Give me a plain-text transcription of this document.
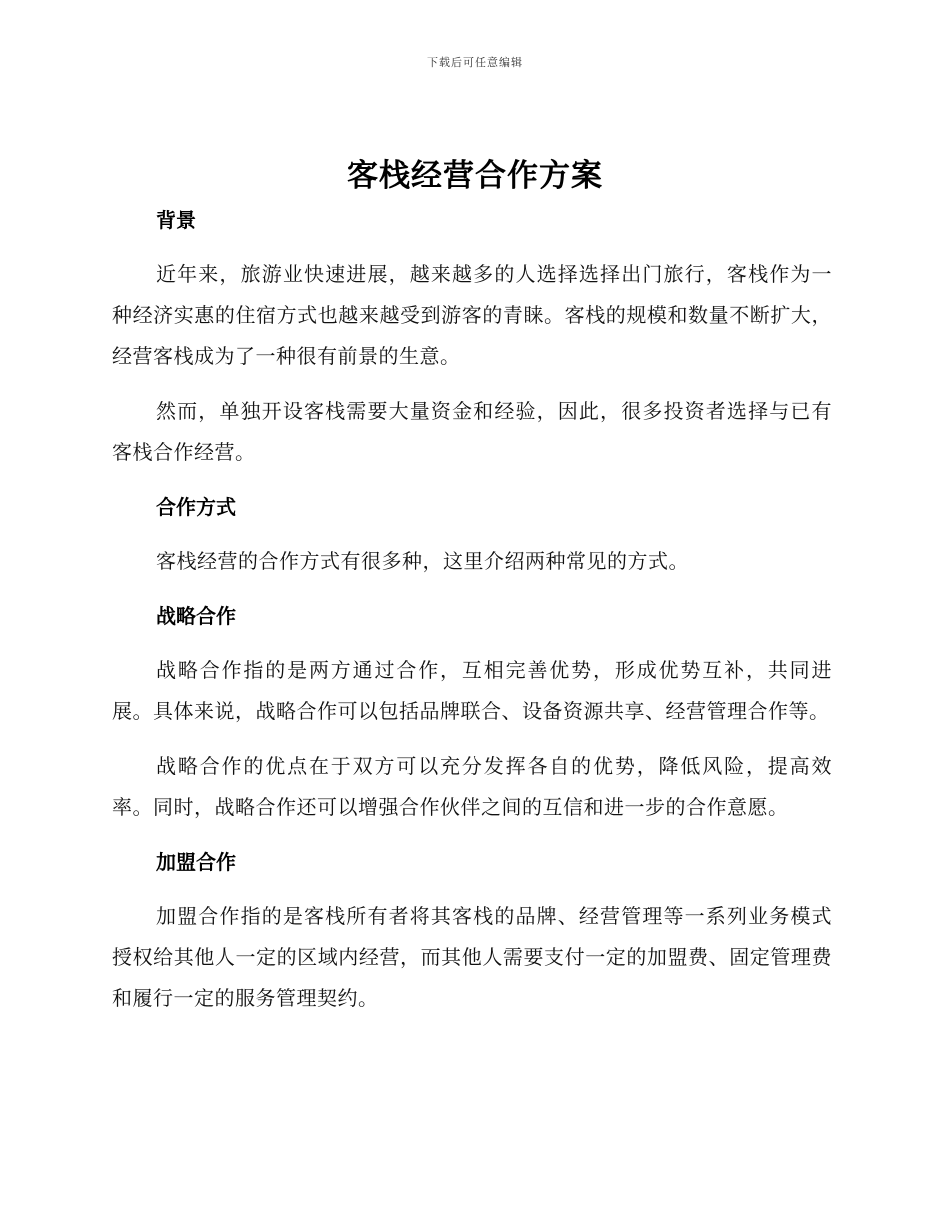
下载后可任意编辑
客栈经营合作方案
背景

近年来，旅游业快速进展，越来越多的人选择选择出门旅行，客栈作为一种经济实惠的住宿方式也越来越受到游客的青睐。客栈的规模和数量不断扩大，经营客栈成为了一种很有前景的生意。

然而，单独开设客栈需要大量资金和经验，因此，很多投资者选择与已有客栈合作经营。

合作方式

客栈经营的合作方式有很多种，这里介绍两种常见的方式。

战略合作

战略合作指的是两方通过合作，互相完善优势，形成优势互补，共同进展。具体来说，战略合作可以包括品牌联合、设备资源共享、经营管理合作等。

战略合作的优点在于双方可以充分发挥各自的优势，降低风险，提高效率。同时，战略合作还可以增强合作伙伴之间的互信和进一步的合作意愿。

加盟合作

加盟合作指的是客栈所有者将其客栈的品牌、经营管理等一系列业务模式授权给其他人一定的区域内经营，而其他人需要支付一定的加盟费、固定管理费和履行一定的服务管理契约。
